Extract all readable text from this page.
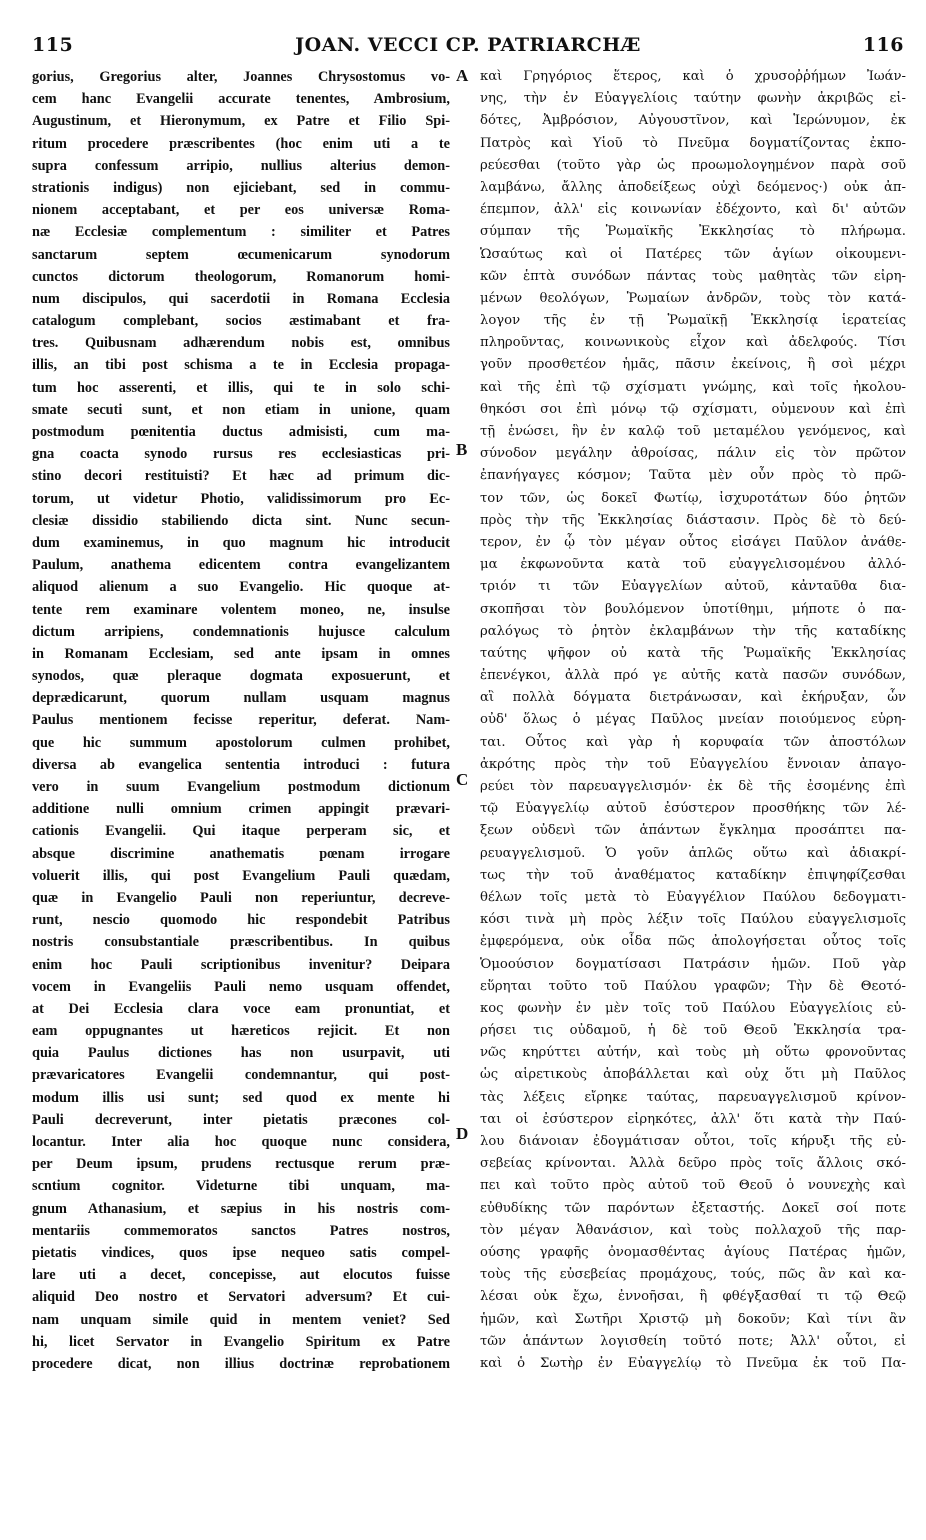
115	JOAN. VECCI CP. PATRIARCHÆ	116
gorius, Gregorius alter, Joannes Chrysostomus vo-
cem hanc Evangelii accurate tenentes, Ambrosium,
Augustinum, et Hieronymum, ex Patre et Filio Spi-
ritum procedere præscribentes (hoc enim uti a te
supra confessum arripio, nullius alterius demon-
strationis indigus) non ejiciebant, sed in commu-
nionem acceptabant, et per eos universæ Roma-
næ Ecclesiæ complementum : similiter et Patres
sanctarum septem œcumenicarum synodorum
cunctos dictorum theologorum, Romanorum homi-
num discipulos, qui sacerdotii in Romana Ecclesia
catalogum complebant, socios æstimabant et fra-
tres. Quibusnam adhærendum nobis est, omnibus
illis, an tibi post schisma a te in Ecclesia propaga-
tum hoc asserenti, et illis, qui te in solo schi-
smate secuti sunt, et non etiam in unione, quam
postmodum pœnitentia ductus admisisti, cum ma-
gna coacta synodo rursus res ecclesiasticas pri-
stino decori restituisti? Et hæc ad primum dic-
torum, ut videtur Photio, validissimorum pro Ec-
clesiæ dissidio stabiliendo dicta sint. Nunc secun-
dum examinemus, in quo magnum hic introducit
Paulum, anathema edicentem contra evangelizantem
aliquod alienum a suo Evangelio. Hic quoque at-
tente rem examinare volentem moneo, ne, insulse
dictum arripiens, condemnationis hujusce calculum
in Romanam Ecclesiam, sed ante ipsam in omnes
synodos, quæ pleraque dogmata exposuerunt, et
deprædicarunt, quorum nullam usquam magnus
Paulus mentionem fecisse reperitur, deferat. Nam-
que hic summum apostolorum culmen prohibet,
diversa ab evangelica sententia introduci : futura
vero in suum Evangelium postmodum dictionum
additione nulli omnium crimen appingit prævari-
cationis Evangelii. Qui itaque perperam sic, et
absque discrimine anathematis pœnam irrogare
voluerit illis, qui post Evangelium Pauli quædam,
quæ in Evangelio Pauli non reperiuntur, decreve-
runt, nescio quomodo hic respondebit Patribus
nostris consubstantiale præscribentibus. In quibus
enim hoc Pauli scriptionibus invenitur? Deipara
vocem in Evangeliis Pauli nemo usquam offendet,
at Dei Ecclesia clara voce eam pronuntiat, et
eam oppugnantes ut hæreticos rejicit. Et non
quia Paulus dictiones has non usurpavit, uti
prævaricatores Evangelii condemnantur, qui post-
modum illis usi sunt; sed quod ex mente hi
Pauli decreverunt, inter pietatis præcones col-
locantur. Inter alia hoc quoque nunc considera,
per Deum ipsum, prudens rectusque rerum præ-
scntium cognitor. Videturne tibi unquam, ma-
gnum Athanasium, et sæpius in his nostris com-
mentariis commemoratos sanctos Patres nostros,
pietatis vindices, quos ipse nequeo satis compel-
lare uti a decet, concepisse, aut elocutos fuisse
aliquid Deo nostro et Servatori adversum? Et cui-
nam unquam simile quid in mentem veniet? Sed
hi, licet Servator in Evangelio Spiritum ex Patre
procedere dicat, non illius doctrinæ reprobationem
καὶ Γρηγόριος ἕτερος, καὶ ὁ χρυσοῤῥήμων Ἰωάν-
νης, τὴν ἐν Εὐαγγελίοις ταύτην φωνὴν ἀκριβῶς εἰ-
δότες, Ἀμβρόσιον, Αὐγουστῖνον, καὶ Ἱερώνυμον, ἐκ
Πατρὸς καὶ Υἱοῦ τὸ Πνεῦμα δογματίζοντας ἐκπο-
ρεύεσθαι (τοῦτο γὰρ ὡς προωμολογημένον παρὰ σοῦ
λαμβάνω, ἄλλης ἀποδείξεως οὐχὶ δεόμενος·) οὐκ ἀπ-
έπεμπον, ἀλλ' εἰς κοινωνίαν ἐδέχοντο, καὶ δι' αὐτῶν
σύμπαν τῆς Ῥωμαϊκῆς Ἐκκλησίας τὸ πλήρωμα.
Ὡσαύτως καὶ οἱ Πατέρες τῶν ἁγίων οἰκουμενι-
κῶν ἑπτὰ συνόδων πάντας τοὺς μαθητὰς τῶν εἰρη-
μένων θεολόγων, Ῥωμαίων ἀνδρῶν, τοὺς τὸν κατά-
λογον τῆς ἐν τῇ Ῥωμαϊκῇ Ἐκκλησίᾳ ἱερατείας
πληροῦντας, κοινωνικοὺς εἶχον καὶ ἀδελφούς. Τίσι
γοῦν προσθετέον ἡμᾶς, πᾶσιν ἐκείνοις, ἢ σοὶ μέχρι
καὶ τῆς ἐπὶ τῷ σχίσματι γνώμης, καὶ τοῖς ἠκολου-
θηκόσι σοι ἐπὶ μόνῳ τῷ σχίσματι, οὐμενουν καὶ ἐπὶ
τῇ ἑνώσει, ἣν ἐν καλῷ τοῦ μεταμέλου γενόμενος, καὶ
σύνοδον μεγάλην ἀθροίσας, πάλιν εἰς τὸν πρῶτον
ἐπανήγαγες κόσμον; Ταῦτα μὲν οὖν πρὸς τὸ πρῶ-
τον τῶν, ὡς δοκεῖ Φωτίῳ, ἰσχυροτάτων δύο ῥητῶν
πρὸς τὴν τῆς Ἐκκλησίας διάστασιν. Πρὸς δὲ τὸ δεύ-
τερον, ἐν ᾧ τὸν μέγαν οὗτος εἰσάγει Παῦλον ἀνάθε-
μα ἐκφωνοῦντα κατὰ τοῦ εὐαγγελισομένου ἀλλό-
τριόν τι τῶν Εὐαγγελίων αὐτοῦ, κἀνταῦθα δια-
σκοπῆσαι τὸν βουλόμενον ὑποτίθημι, μήποτε ὁ πα-
ραλόγως τὸ ῥητὸν ἐκλαμβάνων τὴν τῆς καταδίκης
ταύτης ψῆφον οὐ κατὰ τῆς Ῥωμαϊκῆς Ἐκκλησίας
ἐπενέγκοι, ἀλλὰ πρό γε αὐτῆς κατὰ πασῶν συνόδων,
αἳ πολλὰ δόγματα διετράνωσαν, καὶ ἐκήρυξαν, ὧν
οὐδ' ὅλως ὁ μέγας Παῦλος μνείαν ποιούμενος εὑρη-
ται. Οὗτος καὶ γὰρ ἡ κορυφαία τῶν ἀποστόλων
ἀκρότης πρὸς τὴν τοῦ Εὐαγγελίου ἔννοιαν ἀπαγο-
ρεύει τὸν παρευαγγελισμόν· ἐκ δὲ τῆς ἐσομένης ἐπὶ
τῷ Εὐαγγελίῳ αὐτοῦ ἐσύστερον προσθήκης τῶν λέ-
ξεων οὐδενὶ τῶν ἁπάντων ἔγκλημα προσάπτει πα-
ρευαγγελισμοῦ. Ὁ γοῦν ἁπλῶς οὕτω καὶ ἀδιακρί-
τως τὴν τοῦ ἀναθέματος καταδίκην ἐπιψηφίζεσθαι
θέλων τοῖς μετὰ τὸ Εὐαγγέλιον Παύλου δεδογματι-
κόσι τινὰ μὴ πρὸς λέξιν τοῖς Παύλου εὐαγγελισμοῖς
ἐμφερόμενα, οὐκ οἶδα πῶς ἀπολογήσεται οὗτος τοῖς
Ὁμοούσιον δογματίσασι Πατράσιν ἡμῶν. Ποῦ γὰρ
εὕρηται τοῦτο τοῦ Παύλου γραφῶν; Τὴν δὲ Θεοτό-
κος φωνὴν ἐν μὲν τοῖς τοῦ Παύλου Εὐαγγελίοις εὑ-
ρήσει τις οὐδαμοῦ, ἡ δὲ τοῦ Θεοῦ Ἐκκλησία τρα-
νῶς κηρύττει αὐτήν, καὶ τοὺς μὴ οὕτω φρονοῦντας
ὡς αἱρετικοὺς ἀποβάλλεται καὶ οὐχ ὅτι μὴ Παῦλος
τὰς λέξεις εἴρηκε ταύτας, παρευαγγελισμοῦ κρίνον-
ται οἱ ἐσύστερον εἰρηκότες, ἀλλ' ὅτι κατὰ τὴν Παύ-
λου διάνοιαν ἐδογμάτισαν οὗτοι, τοῖς κήρυξι τῆς εὐ-
σεβείας κρίνονται. Ἀλλὰ δεῦρο πρὸς τοῖς ἄλλοις σκό-
πει καὶ τοῦτο πρὸς αὐτοῦ τοῦ Θεοῦ ὁ νουνεχὴς καὶ
εὐθυδίκης τῶν παρόντων ἐξεταστής. Δοκεῖ σοί ποτε
τὸν μέγαν Ἀθανάσιον, καὶ τοὺς πολλαχοῦ τῆς παρ-
ούσης γραφῆς ὀνομασθέντας ἁγίους Πατέρας ἡμῶν,
τοὺς τῆς εὐσεβείας προμάχους, τούς, πῶς ἂν καὶ κα-
λέσαι οὐκ ἔχω, ἐννοῆσαι, ἢ φθέγξασθαί τι τῷ Θεῷ
ἡμῶν, καὶ Σωτῆρι Χριστῷ μὴ δοκοῦν; Καὶ τίνι ἂν
τῶν ἁπάντων λογισθείη τοῦτό ποτε; Ἀλλ' οὗτοι, εἰ
καὶ ὁ Σωτὴρ ἐν Εὐαγγελίῳ τὸ Πνεῦμα ἐκ τοῦ Πα-
A
B
C
D
